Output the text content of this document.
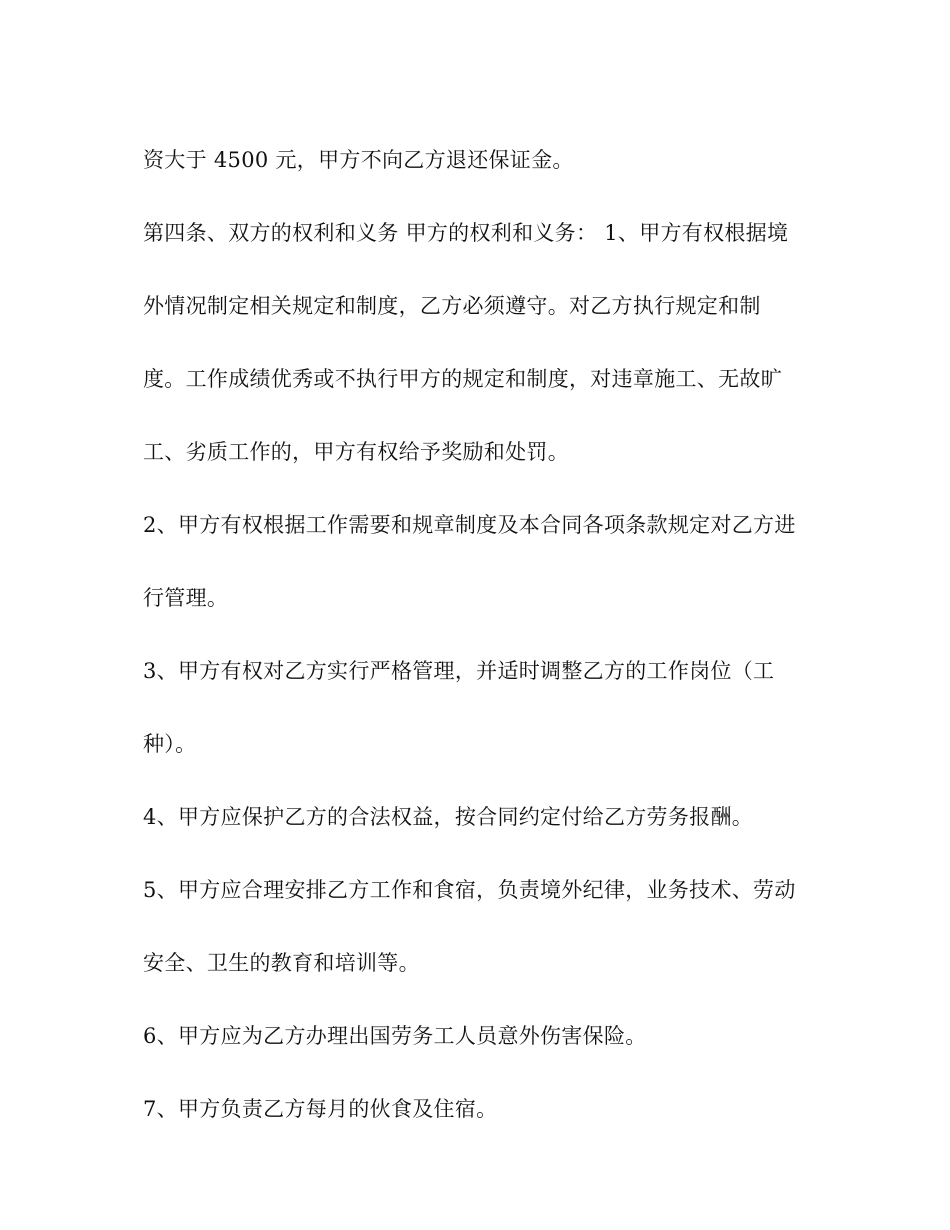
资大于 4500 元，甲方不向乙方退还保证金。
第四条、双方的权利和义务 甲方的权利和义务： 1、甲方有权根据境
外情况制定相关规定和制度，乙方必须遵守。对乙方执行规定和制
度。工作成绩优秀或不执行甲方的规定和制度，对违章施工、无故旷
工、劣质工作的，甲方有权给予奖励和处罚。
2、甲方有权根据工作需要和规章制度及本合同各项条款规定对乙方进
行管理。
3、甲方有权对乙方实行严格管理，并适时调整乙方的工作岗位（工
种）。
4、甲方应保护乙方的合法权益，按合同约定付给乙方劳务报酬。
5、甲方应合理安排乙方工作和食宿，负责境外纪律，业务技术、劳动
安全、卫生的教育和培训等。
6、甲方应为乙方办理出国劳务工人员意外伤害保险。
7、甲方负责乙方每月的伙食及住宿。
